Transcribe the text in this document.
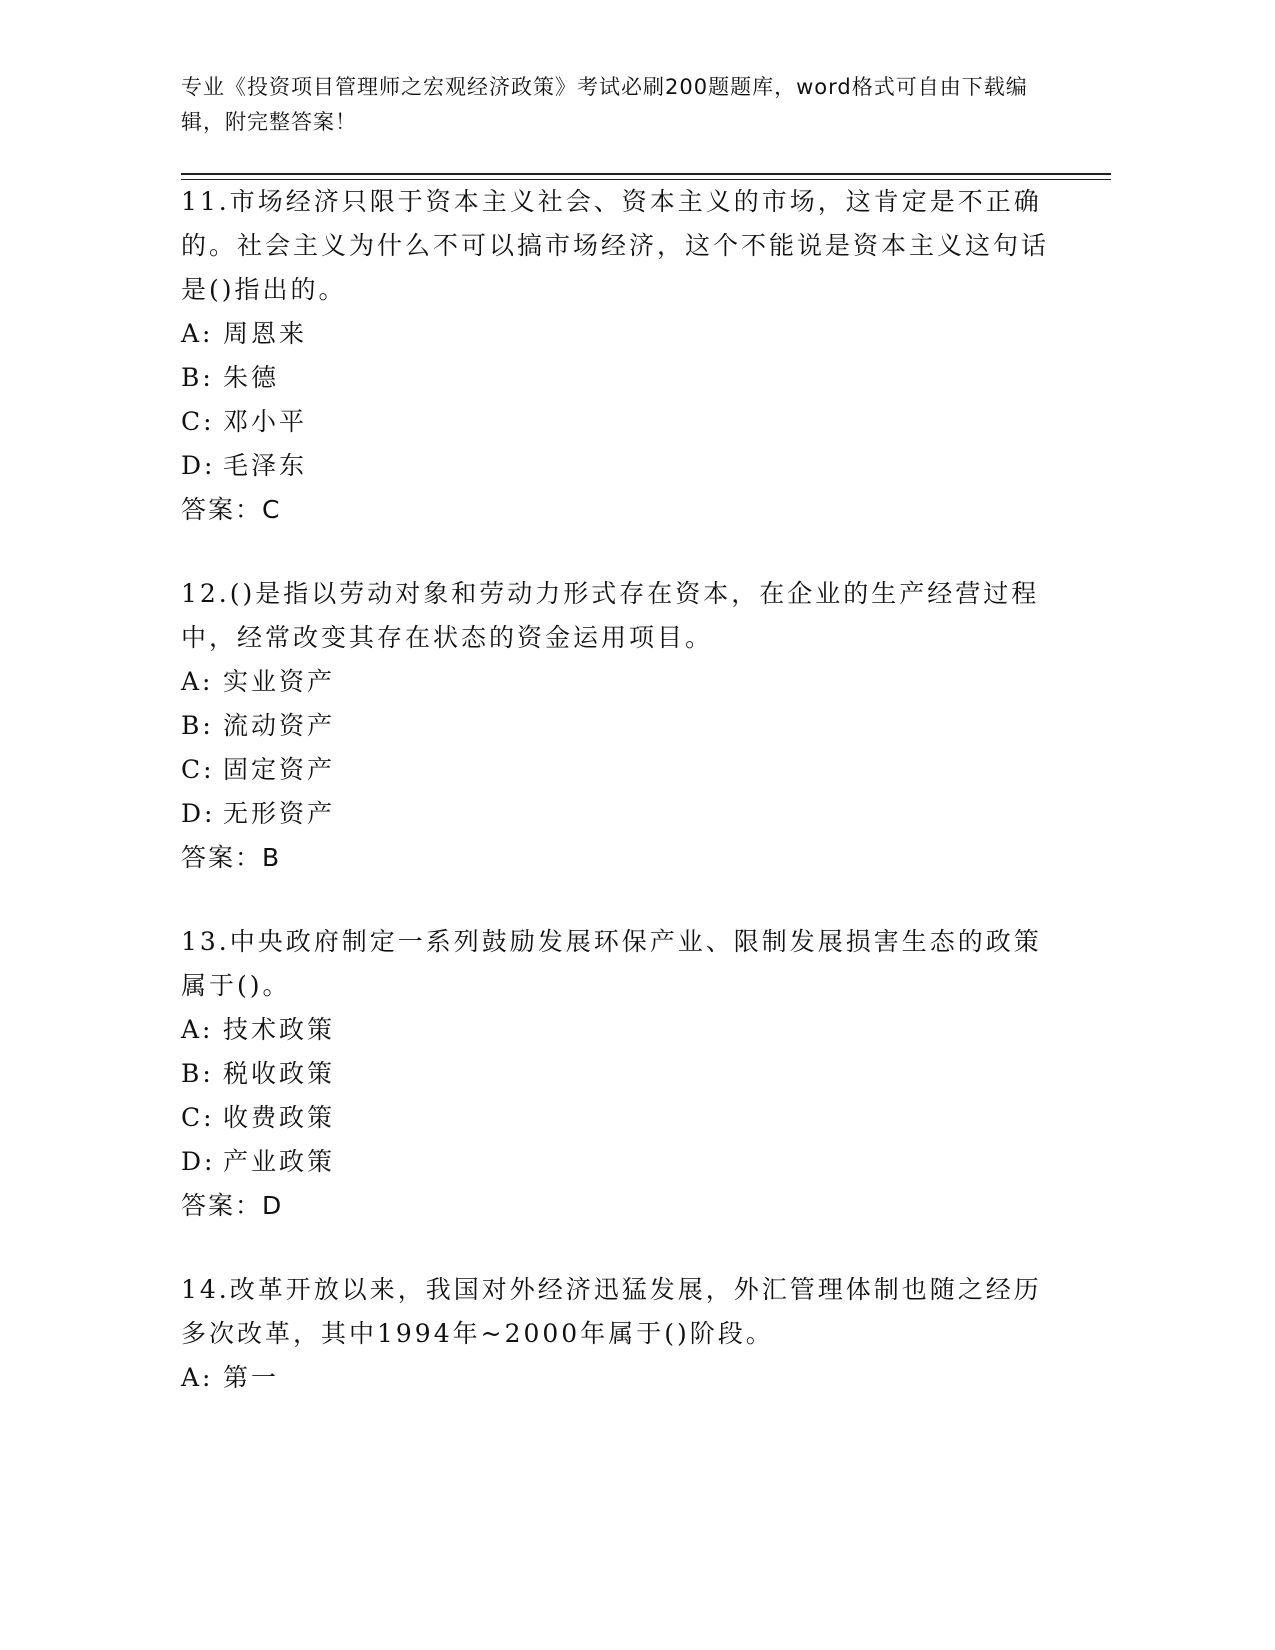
专业《投资项目管理师之宏观经济政策》考试必刷200题题库，word格式可自由下载编辑，附完整答案！

11.市场经济只限于资本主义社会、资本主义的市场，这肯定是不正确的。社会主义为什么不可以搞市场经济，这个不能说是资本主义这句话是()指出的。

A: 周恩来

B: 朱德

C: 邓小平

D: 毛泽东

答案：C

12.()是指以劳动对象和劳动力形式存在资本，在企业的生产经营过程中，经常改变其存在状态的资金运用项目。

A: 实业资产

B: 流动资产

C: 固定资产

D: 无形资产

答案：B

13.中央政府制定一系列鼓励发展环保产业、限制发展损害生态的政策属于()。

A: 技术政策

B: 税收政策

C: 收费政策

D: 产业政策

答案：D

14.改革开放以来，我国对外经济迅猛发展，外汇管理体制也随之经历多次改革，其中1994年~2000年属于()阶段。

A: 第一
